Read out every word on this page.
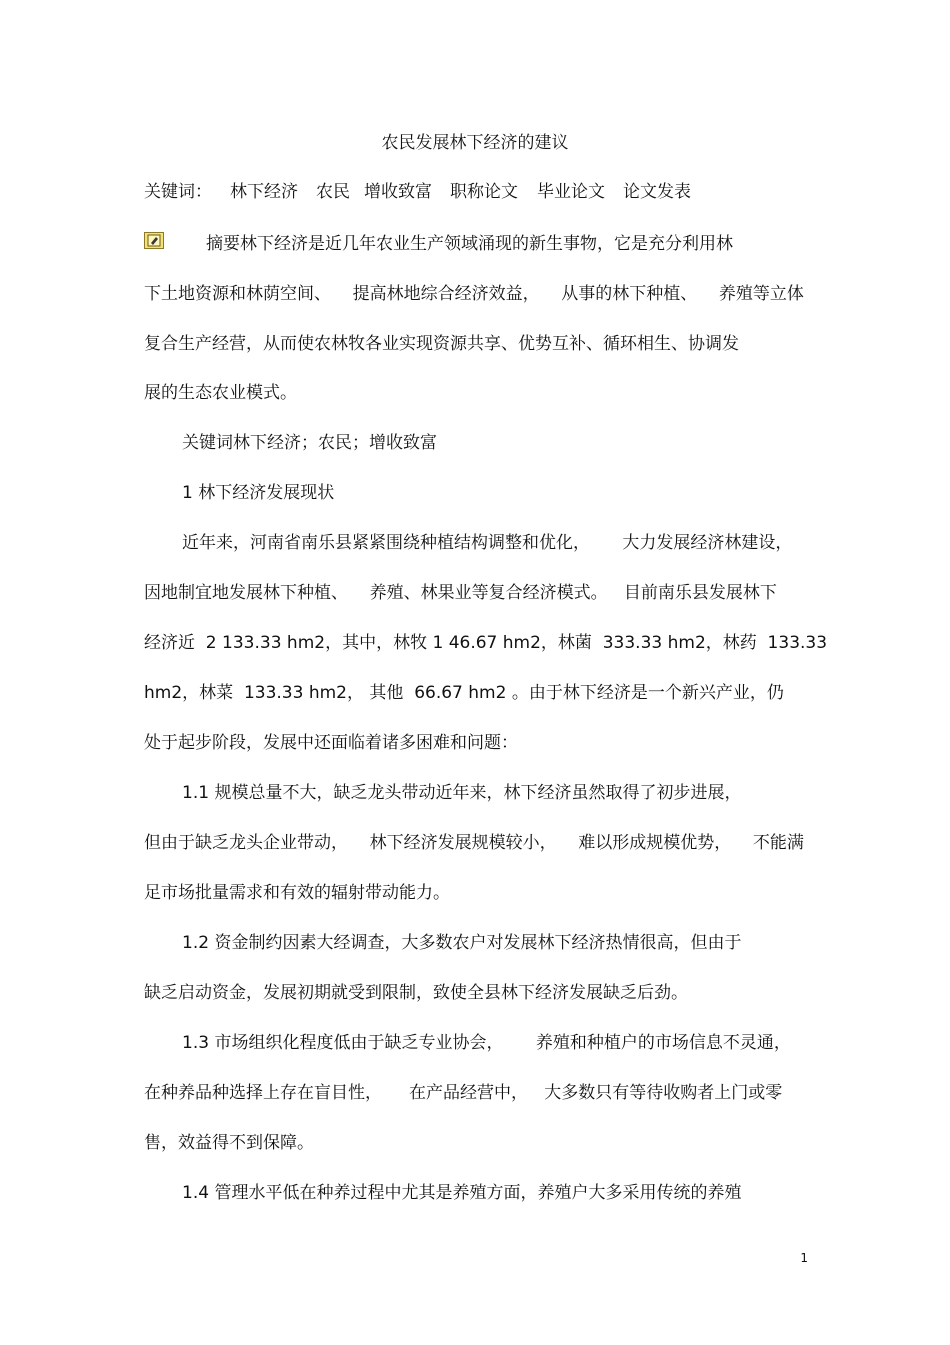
农民发展林下经济的建议
关键词： 林下经济 农民 增收致富 职称论文 毕业论文 论文发表
摘要林下经济是近几年农业生产领域涌现的新生事物，它是充分利用林
下土地资源和林荫空间、    提高林地综合经济效益，    从事的林下种植、    养殖等立体
复合生产经营，从而使农林牧各业实现资源共享、优势互补、循环相生、协调发
展的生态农业模式。
关键词林下经济；农民；增收致富
1 林下经济发展现状
近年来，河南省南乐县紧紧围绕种植结构调整和优化，      大力发展经济林建设，
因地制宜地发展林下种植、    养殖、林果业等复合经济模式。   目前南乐县发展林下
经济近  2 133.33 hm2，其中，林牧 1 46.67 hm2，林菌  333.33 hm2，林药  133.33
hm2，林菜  133.33 hm2， 其他  66.67 hm2 。由于林下经济是一个新兴产业，仍
处于起步阶段，发展中还面临着诸多困难和问题：
1.1 规模总量不大，缺乏龙头带动近年来，林下经济虽然取得了初步进展，
但由于缺乏龙头企业带动，    林下经济发展规模较小，    难以形成规模优势，    不能满
足市场批量需求和有效的辐射带动能力。
1.2 资金制约因素大经调查，大多数农户对发展林下经济热情很高，但由于
缺乏启动资金，发展初期就受到限制，致使全县林下经济发展缺乏后劲。
1.3 市场组织化程度低由于缺乏专业协会，      养殖和种植户的市场信息不灵通，
在种养品种选择上存在盲目性，     在产品经营中，   大多数只有等待收购者上门或零
售，效益得不到保障。
1.4 管理水平低在种养过程中尤其是养殖方面，养殖户大多采用传统的养殖
1
